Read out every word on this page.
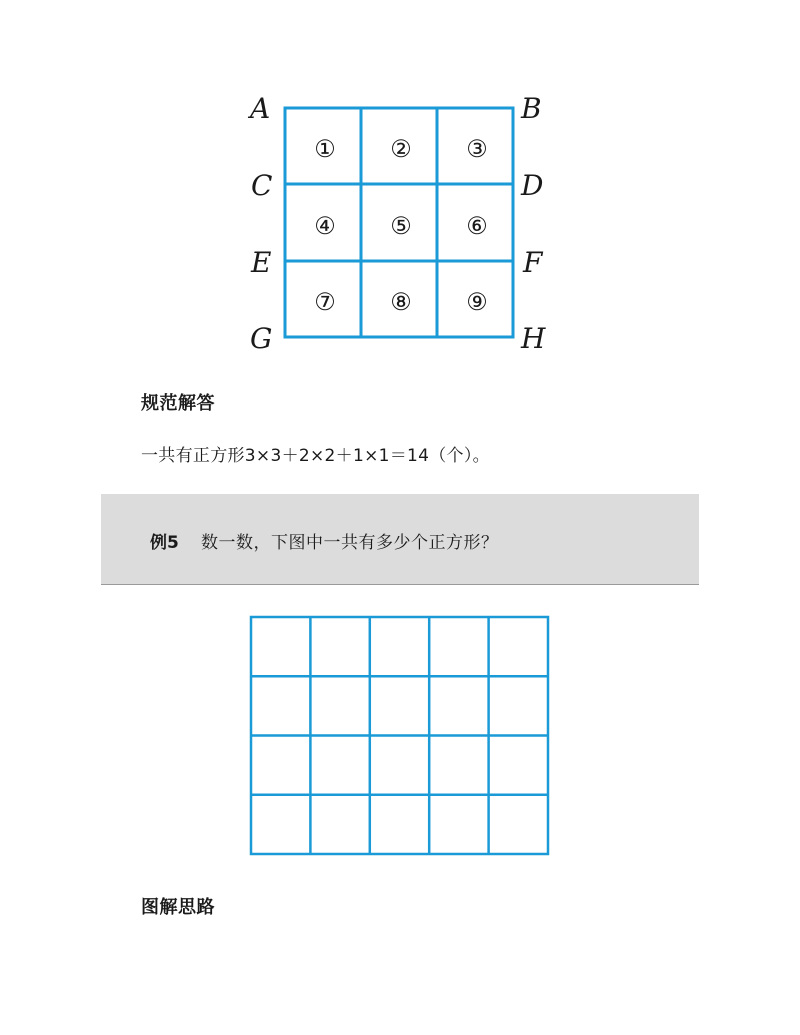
A	B
C	D
E	F
G	H
① ② ③
④ ⑤ ⑥
⑦ ⑧ ⑨
规范解答
一共有正方形3×3＋2×2＋1×1＝14（个）。
例5 数一数，下图中一共有多少个正方形？
图解思路
